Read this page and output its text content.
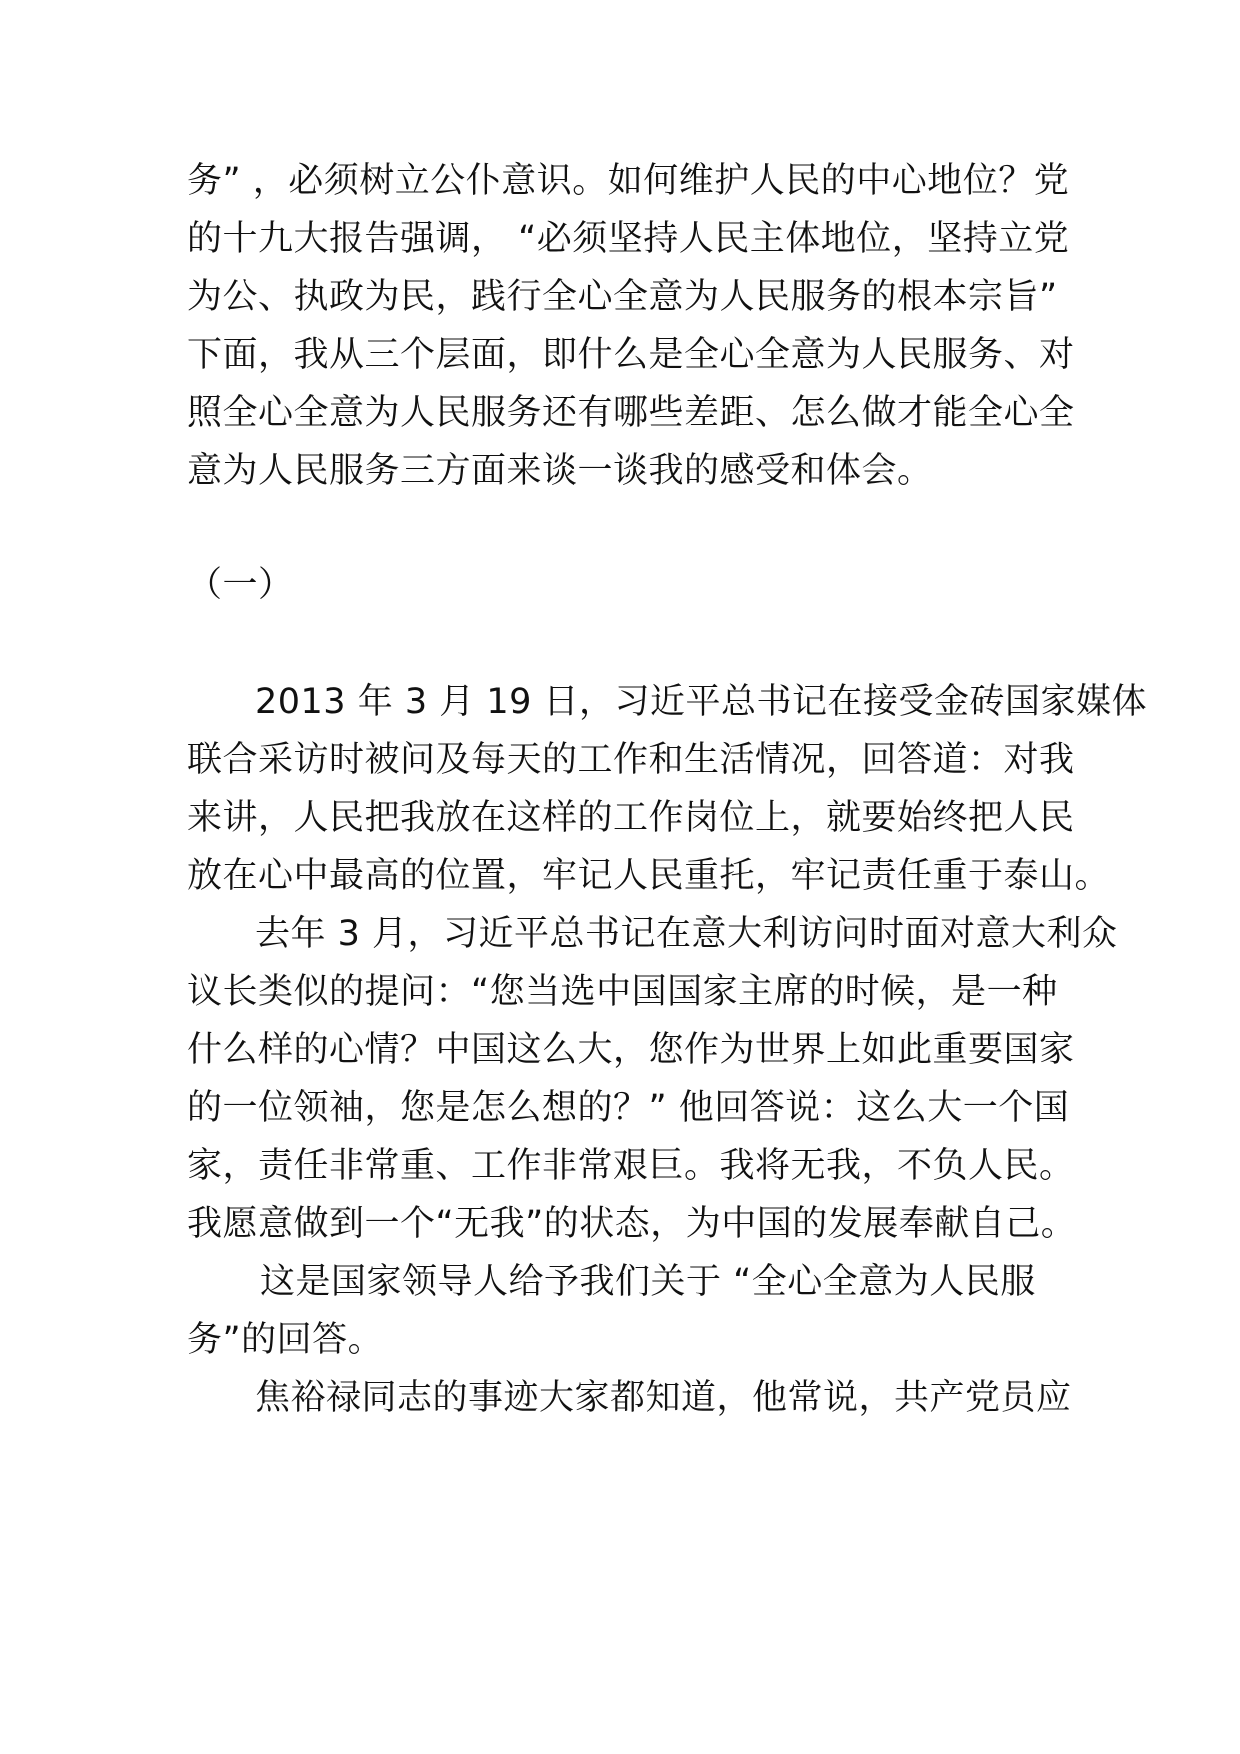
务” ，必须树立公仆意识。如何维护人民的中心地位？党
的十九大报告强调， “必须坚持人民主体地位，坚持立党
为公、执政为民，践行全心全意为人民服务的根本宗旨”
下面，我从三个层面，即什么是全心全意为人民服务、对
照全心全意为人民服务还有哪些差距、怎么做才能全心全
意为人民服务三方面来谈一谈我的感受和体会。
（一）
2013 年 3 月 19 日，习近平总书记在接受金砖国家媒体
联合采访时被问及每天的工作和生活情况，回答道：对我
来讲，人民把我放在这样的工作岗位上，就要始终把人民
放在心中最高的位置，牢记人民重托，牢记责任重于泰山。
去年 3 月，习近平总书记在意大利访问时面对意大利众
议长类似的提问：“您当选中国国家主席的时候，是一种
什么样的心情？中国这么大，您作为世界上如此重要国家
的一位领袖，您是怎么想的？” 他回答说：这么大一个国
家，责任非常重、工作非常艰巨。我将无我，不负人民。
我愿意做到一个“无我”的状态，为中国的发展奉献自己。
这是国家领导人给予我们关于 “全心全意为人民服
务”的回答。
焦裕禄同志的事迹大家都知道，他常说，共产党员应
